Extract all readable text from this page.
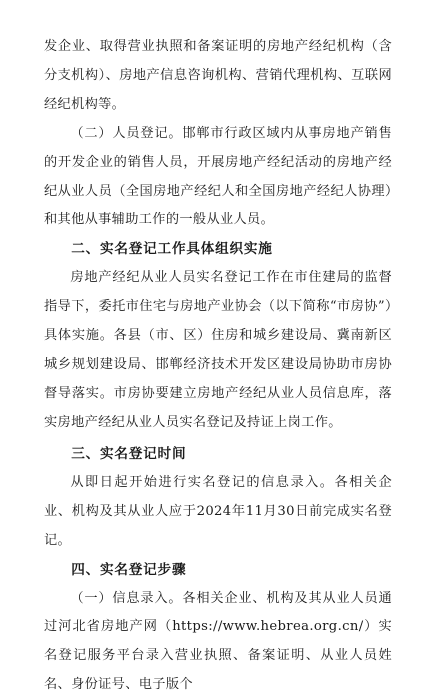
发企业、取得营业执照和备案证明的房地产经纪机构（含分支机构）、房地产信息咨询机构、营销代理机构、互联网经纪机构等。

（二）人员登记。邯郸市行政区域内从事房地产销售的开发企业的销售人员，开展房地产经纪活动的房地产经纪从业人员（全国房地产经纪人和全国房地产经纪人协理）和其他从事辅助工作的一般从业人员。

二、实名登记工作具体组织实施

房地产经纪从业人员实名登记工作在市住建局的监督指导下，委托市住宅与房地产业协会（以下简称“市房协”）具体实施。各县（市、区）住房和城乡建设局、冀南新区城乡规划建设局、邯郸经济技术开发区建设局协助市房协督导落实。市房协要建立房地产经纪从业人员信息库，落实房地产经纪从业人员实名登记及持证上岗工作。

三、实名登记时间

从即日起开始进行实名登记的信息录入。各相关企业、机构及其从业人应于2024年11月30日前完成实名登记。

四、实名登记步骤

（一）信息录入。各相关企业、机构及其从业人员通过河北省房地产网（https://www.hebrea.org.cn/）实名登记服务平台录入营业执照、备案证明、从业人员姓名、身份证号、电子版个
